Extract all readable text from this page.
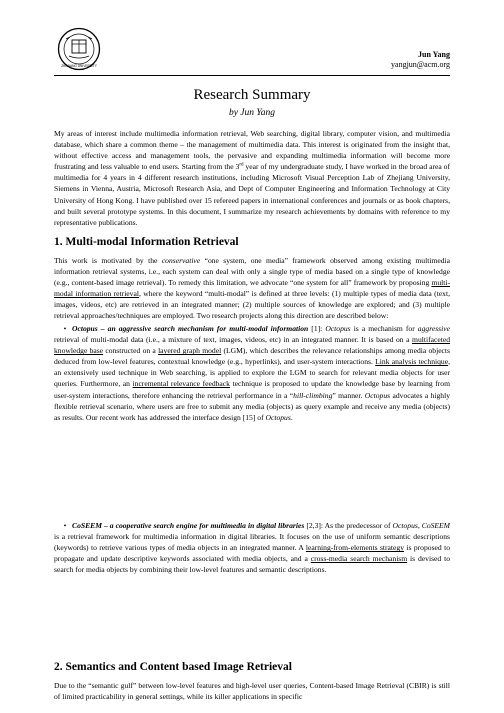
ZHEJIANG UNIVERSITY
Jun Yang
yangjun@acm.org
Research Summary
by Jun Yang
My areas of interest include multimedia information retrieval, Web searching, digital library, computer vision, and multimedia database, which share a common theme – the management of multimedia data. This interest is originated from the insight that, without effective access and management tools, the pervasive and expanding multimedia information will become more frustrating and less valuable to end users. Starting from the 3rd year of my undergraduate study, I have worked in the broad area of multimedia for 4 years in 4 different research institutions, including Microsoft Visual Perception Lab of Zhejiang University, Siemens in Vienna, Austria, Microsoft Research Asia, and Dept of Computer Engineering and Information Technology at City University of Hong Kong. I have published over 15 refereed papers in international conferences and journals or as book chapters, and built several prototype systems. In this document, I summarize my research achievements by domains with reference to my representative publications.
1. Multi-modal Information Retrieval
This work is motivated by the conservative “one system, one media” framework observed among existing multimedia information retrieval systems, i.e., each system can deal with only a single type of media based on a single type of knowledge (e.g., content-based image retrieval). To remedy this limitation, we advocate “one system for all” framework by proposing multi-modal information retrieval, where the keyword “multi-modal” is defined at three levels: (1) multiple types of media data (text, images, videos, etc) are retrieved in an integrated manner; (2) multiple sources of knowledge are explored; and (3) multiple retrieval approaches/techniques are employed. Two research projects along this direction are described below:
• Octopus – an aggressive search mechanism for multi-modal information [1]: Octopus is a mechanism for aggressive retrieval of multi-modal data (i.e., a mixture of text, images, videos, etc) in an integrated manner. It is based on a multifaceted knowledge base constructed on a layered graph model (LGM), which describes the relevance relationships among media objects deduced from low-level features, contextual knowledge (e.g., hyperlinks), and user-system interactions. Link analysis technique, an extensively used technique in Web searching, is applied to explore the LGM to search for relevant media objects for user queries. Furthermore, an incremental relevance feedback technique is proposed to update the knowledge base by learning from user-system interactions, therefore enhancing the retrieval performance in a “hill-climbing” manner. Octopus advocates a highly flexible retrieval scenario, where users are free to submit any media (objects) as query example and receive any media (objects) as results. Our recent work has addressed the interface design [15] of Octopus.
• CoSEEM – a cooperative search engine for multimedia in digital libraries [2,3]: As the predecessor of Octopus, CoSEEM is a retrieval framework for multimedia information in digital libraries. It focuses on the use of uniform semantic descriptions (keywords) to retrieve various types of media objects in an integrated manner. A learning-from-elements strategy is proposed to propagate and update descriptive keywords associated with media objects, and a cross-media search mechanism is devised to search for media objects by combining their low-level features and semantic descriptions.
2. Semantics and Content based Image Retrieval
Due to the “semantic gulf” between low-level features and high-level user queries, Content-based Image Retrieval (CBIR) is still of limited practicability in general settings, while its killer applications in specific
